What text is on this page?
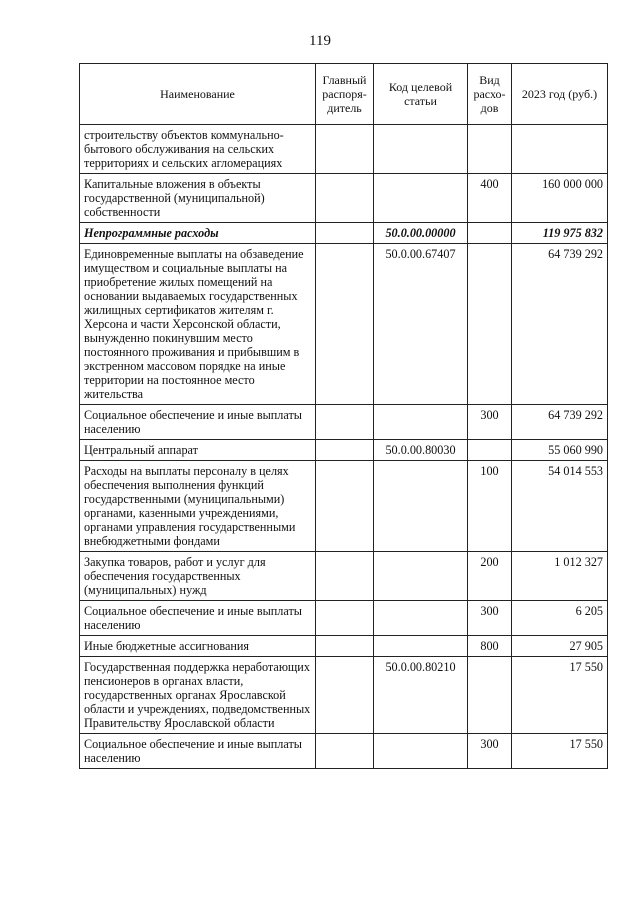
119
Наименование	Главный распоря- дитель	Код целевой статьи	Вид расхо- дов	2023 год (руб.)
строительству объектов коммунально-бытового обслуживания на сельских территориях и сельских агломерациях				
Капитальные вложения в объекты государственной (муниципальной) собственности			400	160 000 000
Непрограммные расходы		50.0.00.00000		119 975 832
Единовременные выплаты на обзаведение имуществом и социальные выплаты на приобретение жилых помещений на основании выдаваемых государственных жилищных сертификатов жителям г. Херсона и части Херсонской области, вынужденно покинувшим место постоянного проживания и прибывшим в экстренном массовом порядке на иные территории на постоянное место жительства		50.0.00.67407		64 739 292
Социальное обеспечение и иные выплаты населению			300	64 739 292
Центральный аппарат		50.0.00.80030		55 060 990
Расходы на выплаты персоналу в целях обеспечения выполнения функций государственными (муниципальными) органами, казенными учреждениями, органами управления государственными внебюджетными фондами			100	54 014 553
Закупка товаров, работ и услуг для обеспечения государственных (муниципальных) нужд			200	1 012 327
Социальное обеспечение и иные выплаты населению			300	6 205
Иные бюджетные ассигнования			800	27 905
Государственная поддержка неработающих пенсионеров в органах власти, государственных органах Ярославской области и учреждениях, подведомственных Правительству Ярославской области		50.0.00.80210		17 550
Социальное обеспечение и иные выплаты населению			300	17 550
